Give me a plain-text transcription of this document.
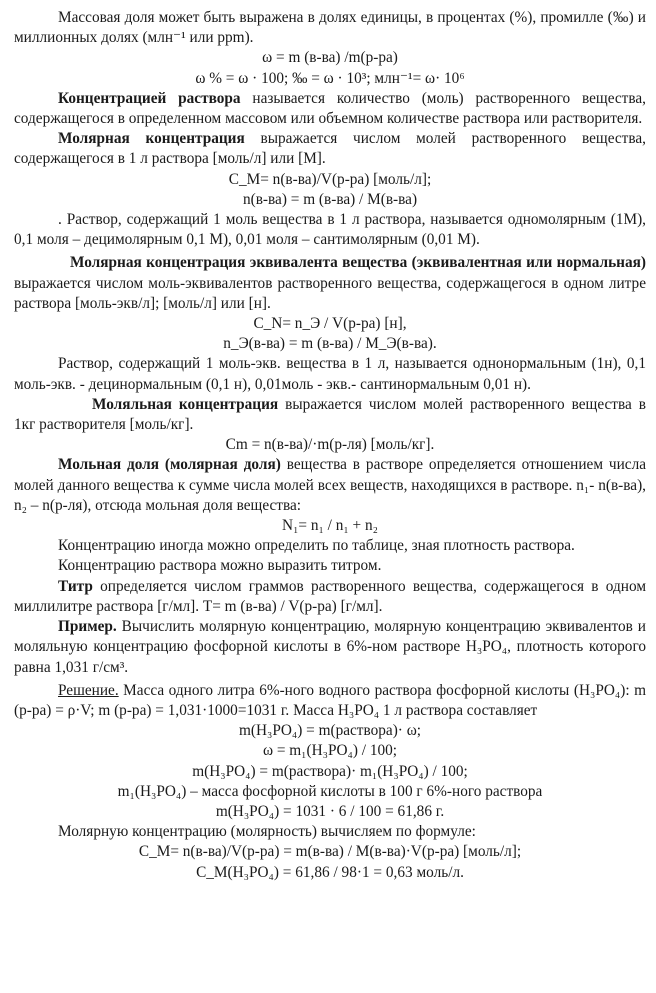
Массовая доля может быть выражена в долях единицы, в процентах (%), промилле (‰) и миллионных долях (млн⁻¹ или ppm).

ω = m (в-ва) /m(р-ра)

ω % = ω · 100; ‰ = ω · 10³; млн⁻¹= ω· 10⁶

Концентрацией раствора называется количество (моль) растворенного вещества, содержащегося в определенном массовом или объемном количестве раствора или растворителя.

Молярная концентрация выражается числом молей растворенного вещества, содержащегося в 1 л раствора [моль/л] или [М].

C_M= n(в-ва)/V(р-ра) [моль/л];

n(в-ва) = m (в-ва) / M(в-ва)

. Раствор, содержащий 1 моль вещества в 1 л раствора, называется одномолярным (1М), 0,1 моля – децимолярным 0,1 М), 0,01 моля – сантимолярным (0,01 М).

Молярная концентрация эквивалента вещества (эквивалентная или нормальная) выражается числом моль-эквивалентов растворенного вещества, содержащегося в одном литре раствора [моль-экв/л]; [моль/л] или [н].

C_N= n_Э / V(р-ра) [н],

n_Э(в-ва) = m (в-ва) / M_Э(в-ва).

Раствор, содержащий 1 моль-экв. вещества в 1 л, называется однонормальным (1н), 0,1 моль-экв. - децинормальным (0,1 н), 0,01моль - экв.- сантинормальным 0,01 н).

Моляльная концентрация выражается числом молей растворенного вещества в 1кг растворителя [моль/кг].

Cm = n(в-ва)/·m(р-ля) [моль/кг].

Мольная доля (молярная доля) вещества в растворе определяется отношением числа молей данного вещества к сумме числа молей всех веществ, находящихся в растворе. n₁- n(в-ва), n₂ – n(р-ля), отсюда мольная доля вещества:

N₁= n₁ / n₁ + n₂

Концентрацию иногда можно определить по таблице, зная плотность раствора.

Концентрацию раствора можно выразить титром.

Титр определяется числом граммов растворенного вещества, содержащегося в одном миллилитре раствора [г/мл]. T= m (в-ва) / V(р-ра) [г/мл].

Пример. Вычислить молярную концентрацию, молярную концентрацию эквивалентов и моляльную концентрацию фосфорной кислоты в 6%-ном растворе H₃PO₄, плотность которого равна 1,031 г/см³.

Решение. Масса одного литра 6%-ного водного раствора фосфорной кислоты (H₃PO₄): m (р-ра) = ρ·V; m (р-ра) = 1,031·1000=1031 г. Масса H₃PO₄ 1 л раствора составляет

m(H₃PO₄) = m(раствора)· ω;

ω = m₁(H₃PO₄) / 100;

m(H₃PO₄) = m(раствора)· m₁(H₃PO₄) / 100;

m₁(H₃PO₄) – масса фосфорной кислоты в 100 г 6%-ного раствора

m(H₃PO₄) = 1031 · 6 / 100 = 61,86 г.

Молярную концентрацию (молярность) вычисляем по формуле:

C_M= n(в-ва)/V(р-ра) = m(в-ва) / M(в-ва)·V(р-ра) [моль/л];

C_M(H₃PO₄) = 61,86 / 98·1 = 0,63 моль/л.
